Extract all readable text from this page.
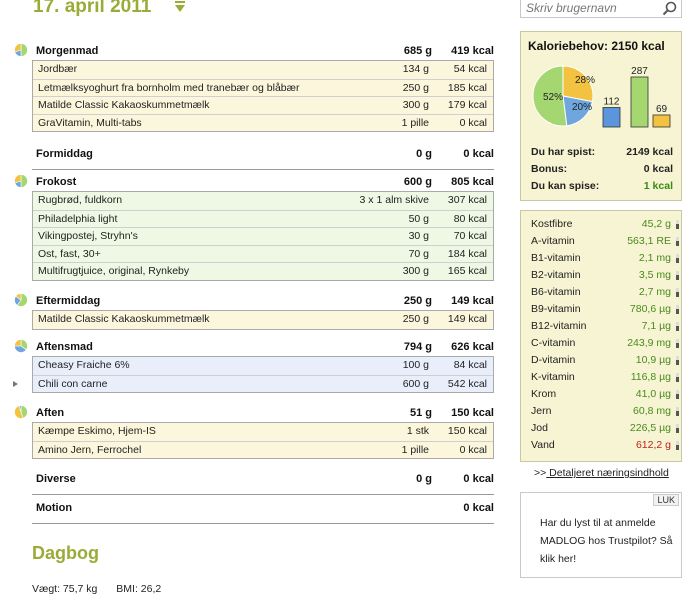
17. april 2011
Skriv brugernavn
Morgenmad	685 g 419 kcal
Jordbær	134 g 54 kcal
Letmælksyoghurt fra bornholm med tranebær og blåbær	250 g 185 kcal
Matilde Classic Kakaoskummetmælk	300 g 179 kcal
GraVitamin, Multi-tabs	1 pille	0 kcal
Formiddag	0 g	0 kcal
Frokost	600 g 805 kcal
Rugbrød, fuldkorn	3 x 1 alm skive 307 kcal
Philadelphia light	50 g 80 kcal
Vikingpostej, Stryhn's	30 g 70 kcal
Ost, fast, 30+	70 g 184 kcal
Multifrugtjuice, original, Rynkeby	300 g 165 kcal
Eftermiddag	250 g 149 kcal
Matilde Classic Kakaoskummetmælk	250 g 149 kcal
Aftensmad	794 g 626 kcal
Cheasy Fraiche 6%	100 g 84 kcal
Chili con carne	600 g 542 kcal
Aften	51 g 150 kcal
Kæmpe Eskimo, Hjem-IS	1 stk 150 kcal
Amino Jern, Ferrochel	1 pille	0 kcal
Diverse	0 g	0 kcal
Motion	0 kcal
Dagbog
Vægt: 75,7 kg BMI: 26,2
Kaloriebehov: 2150 kcal
52%
20%
28%
112
287
69
Du har spist:	2149 kcal
Bonus:	0 kcal
Du kan spise:	1 kcal
Kostfibre	45,2 g
A-vitamin	563,1 RE
B1-vitamin	2,1 mg
B2-vitamin	3,5 mg
B6-vitamin	2,7 mg
B9-vitamin	780,6 µg
B12-vitamin	7,1 µg
C-vitamin	243,9 mg
D-vitamin	10,9 µg
K-vitamin	116,8 µg
Krom	41,0 µg
Jern	60,8 mg
Jod	226,5 µg
Vand	612,2 g
>> Detaljeret næringsindhold
LUK
Har du lyst til at anmelde MADLOG hos Trustpilot? Så klik her!
